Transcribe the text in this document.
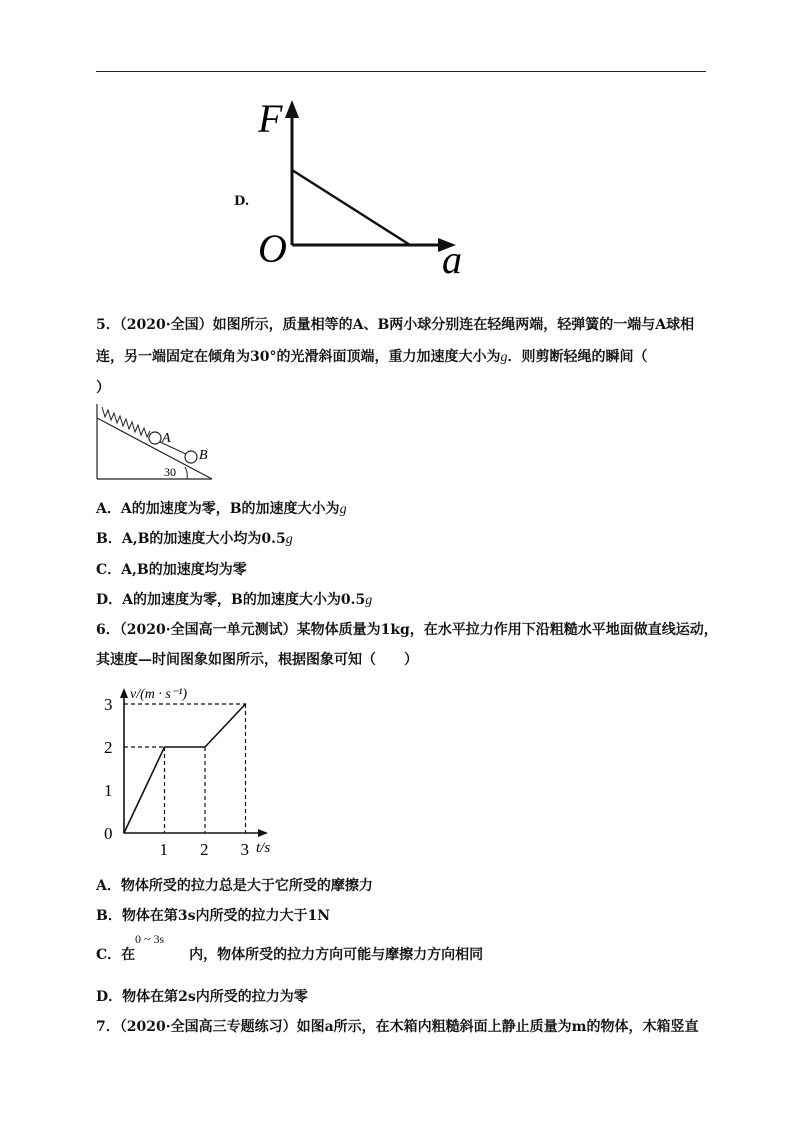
D.
F
O	a
5．（2020·全国）如图所示，质量相等的A、B两小球分别连在轻绳两端，轻弹簧的一端与A球相
连，另一端固定在倾角为30°的光滑斜面顶端，重力加速度大小为g．则剪断轻绳的瞬间（
）
A
B
30
A．A的加速度为零，B的加速度大小为g
B．A,B的加速度大小均为0.5g
C．A,B的加速度均为零
D．A的加速度为零，B的加速度大小为0.5g
6．（2020·全国高一单元测试）某物体质量为1kg，在水平拉力作用下沿粗糙水平地面做直线运动，
其速度—时间图象如图所示，根据图象可知（　　）
v/(m · s⁻¹)
t/s
0
1
2
3
1 2 3
A．物体所受的拉力总是大于它所受的摩擦力
B．物体在第3s内所受的拉力大于1N
C．在	内，物体所受的拉力方向可能与摩擦力方向相同
0 ~ 3s
D．物体在第2s内所受的拉力为零
7．（2020·全国高三专题练习）如图a所示，在木箱内粗糙斜面上静止质量为m的物体，木箱竖直
